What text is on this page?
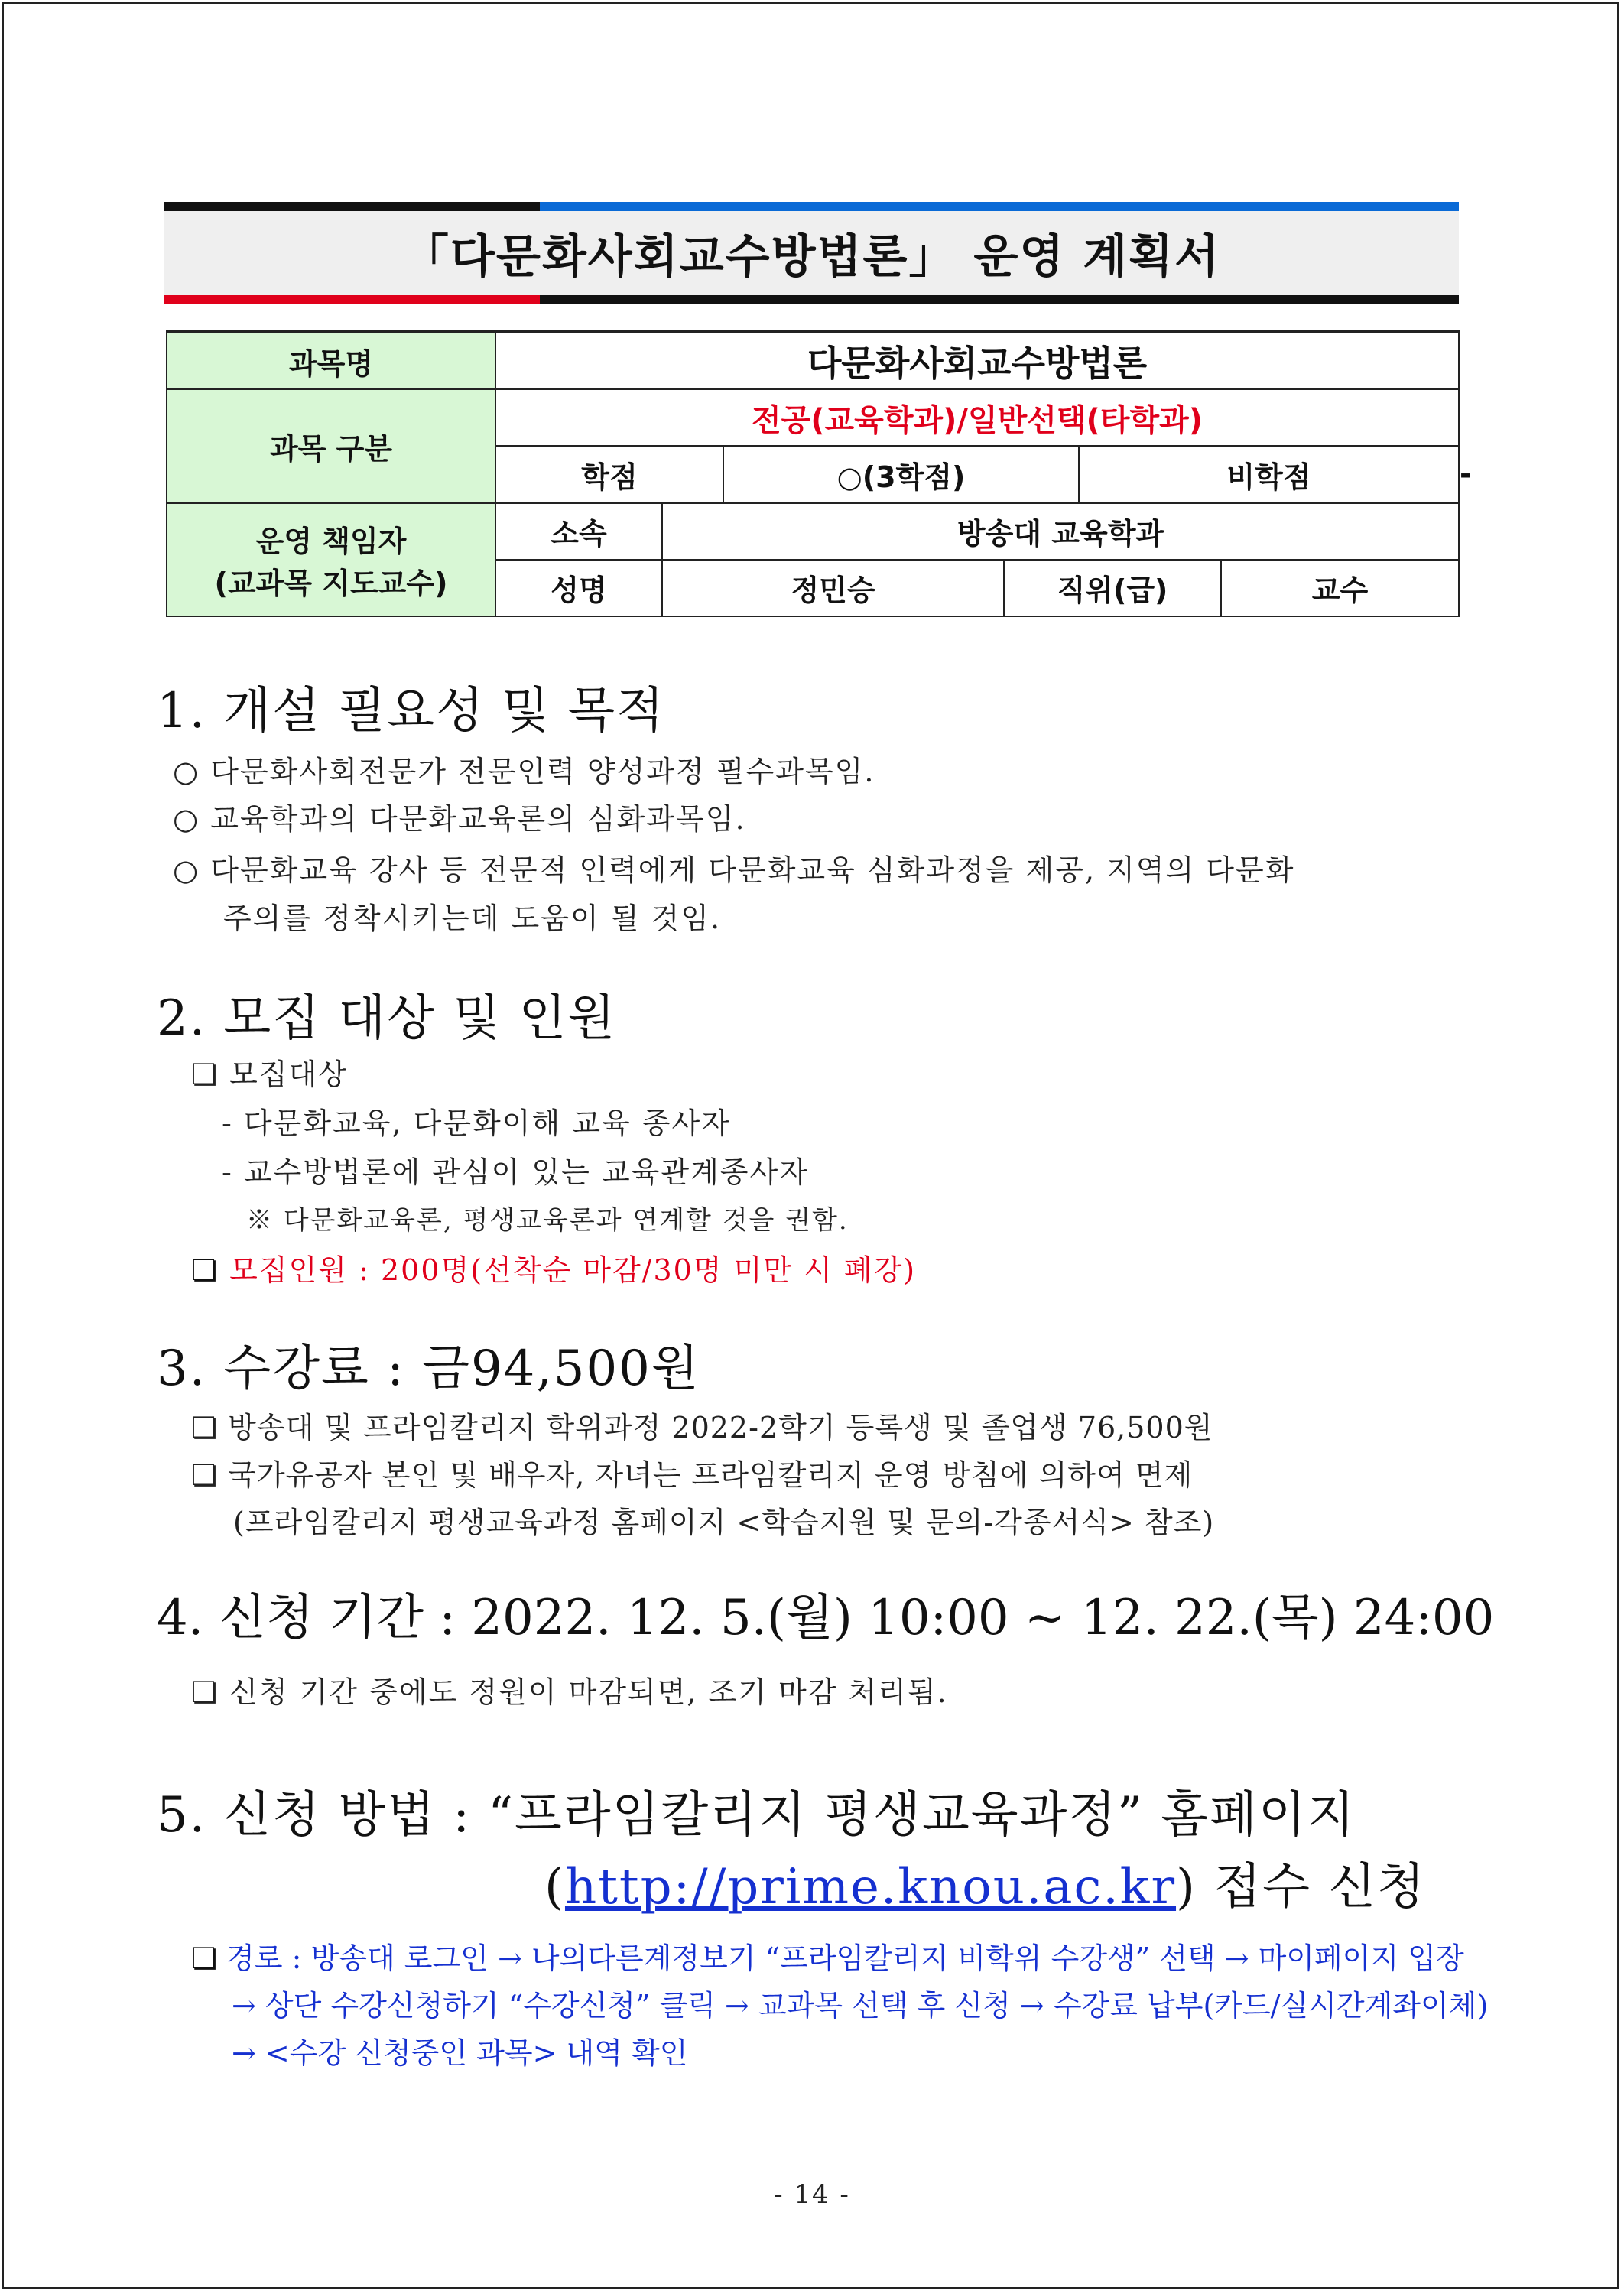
「다문화사회교수방법론」 운영 계획서
과목명	다문화사회교수방법론						
과목 구분	전공(교육학과)/일반선택(타학과)						
	학점		○(3학점)		비학점		-

운영 책임자
(교과목 지도교수)	소속	방송대 교육학과					
	성명	정민승		직위(급)		교수	
1. 개설 필요성 및 목적
○ 다문화사회전문가 전문인력 양성과정 필수과목임.
○ 교육학과의 다문화교육론의 심화과목임.
○ 다문화교육 강사 등 전문적 인력에게 다문화교육 심화과정을 제공, 지역의 다문화
주의를 정착시키는데 도움이 될 것임.
2. 모집 대상 및 인원
❏ 모집대상
- 다문화교육, 다문화이해 교육 종사자
- 교수방법론에 관심이 있는 교육관계종사자
※ 다문화교육론, 평생교육론과 연계할 것을 권함.
❏ 모집인원 : 200명(선착순 마감/30명 미만 시 폐강)
3. 수강료 : 금94,500원
❏ 방송대 및 프라임칼리지 학위과정 2022-2학기 등록생 및 졸업생 76,500원
❏ 국가유공자 본인 및 배우자, 자녀는 프라임칼리지 운영 방침에 의하여 면제
(프라임칼리지 평생교육과정 홈페이지 <학습지원 및 문의-각종서식> 참조)
4. 신청 기간 : 2022. 12. 5.(월) 10:00 ~ 12. 22.(목) 24:00
❏ 신청 기간 중에도 정원이 마감되면, 조기 마감 처리됨.
5. 신청 방법 : “프라임칼리지 평생교육과정” 홈페이지
(http://prime.knou.ac.kr) 접수 신청
❏ 경로 : 방송대 로그인 → 나의다른계정보기 “프라임칼리지 비학위 수강생” 선택 → 마이페이지 입장
→ 상단 수강신청하기 “수강신청” 클릭 → 교과목 선택 후 신청 → 수강료 납부(카드/실시간계좌이체)
→ <수강 신청중인 과목> 내역 확인
- 14 -
